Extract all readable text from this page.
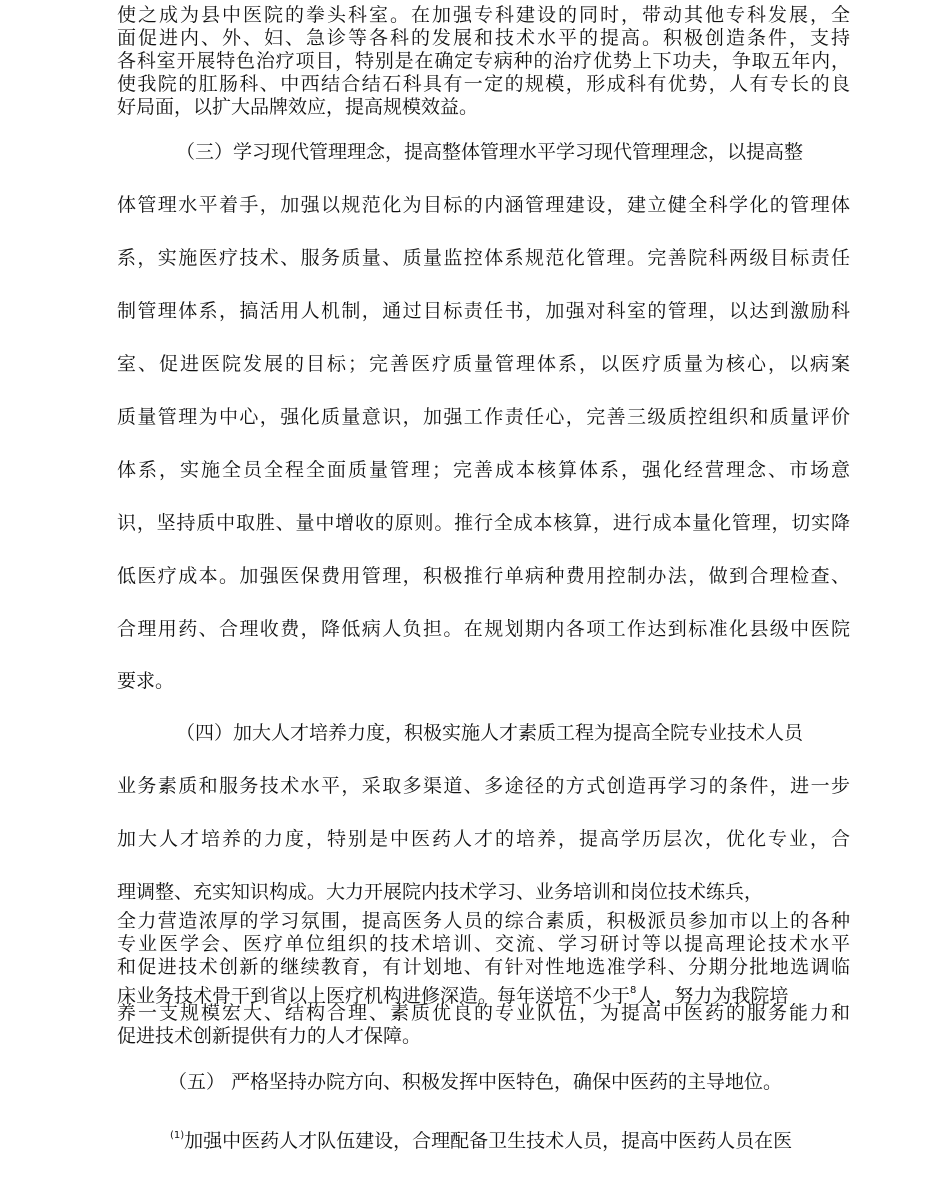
使之成为县中医院的拳头科室。在加强专科建设的同时，带动其他专科发展，全
面促进内、外、妇、急诊等各科的发展和技术水平的提高。积极创造条件，支持
各科室开展特色治疗项目，特别是在确定专病种的治疗优势上下功夫，争取五年内，
使我院的肛肠科、中西结合结石科具有一定的规模，形成科有优势，人有专长的良
好局面，以扩大品牌效应，提高规模效益。
（三）学习现代管理理念，提高整体管理水平学习现代管理理念，以提高整
体管理水平着手，加强以规范化为目标的内涵管理建设，建立健全科学化的管理体
系，实施医疗技术、服务质量、质量监控体系规范化管理。完善院科两级目标责任
制管理体系，搞活用人机制，通过目标责任书，加强对科室的管理，以达到激励科
室、促进医院发展的目标；完善医疗质量管理体系，以医疗质量为核心，以病案
质量管理为中心，强化质量意识，加强工作责任心，完善三级质控组织和质量评价
体系，实施全员全程全面质量管理；完善成本核算体系，强化经营理念、市场意
识，坚持质中取胜、量中增收的原则。推行全成本核算，进行成本量化管理，切实降
低医疗成本。加强医保费用管理，积极推行单病种费用控制办法，做到合理检查、
合理用药、合理收费，降低病人负担。在规划期内各项工作达到标准化县级中医院
要求。
（四）加大人才培养力度，积极实施人才素质工程为提高全院专业技术人员
业务素质和服务技术水平，采取多渠道、多途径的方式创造再学习的条件，进一步
加大人才培养的力度，特别是中医药人才的培养，提高学历层次，优化专业，合
理调整、充实知识构成。大力开展院内技术学习、业务培训和岗位技术练兵，
全力营造浓厚的学习氛围，提高医务人员的综合素质，积极派员参加市以上的各种
专业医学会、医疗单位组织的技术培训、交流、学习研讨等以提高理论技术水平
和促进技术创新的继续教育，有计划地、有针对性地选准学科、分期分批地选调临
床业务技术骨干到省以上医疗机构进修深造。每年送培不少于$^8$人，努力为我院培
养一支规模宏大、结构合理、素质优良的专业队伍，为提高中医药的服务能力和
促进技术创新提供有力的人才保障。
（五） 严格坚持办院方向、积极发挥中医特色，确保中医药的主导地位。
$^{(1)}$加强中医药人才队伍建设，合理配备卫生技术人员，提高中医药人员在医
